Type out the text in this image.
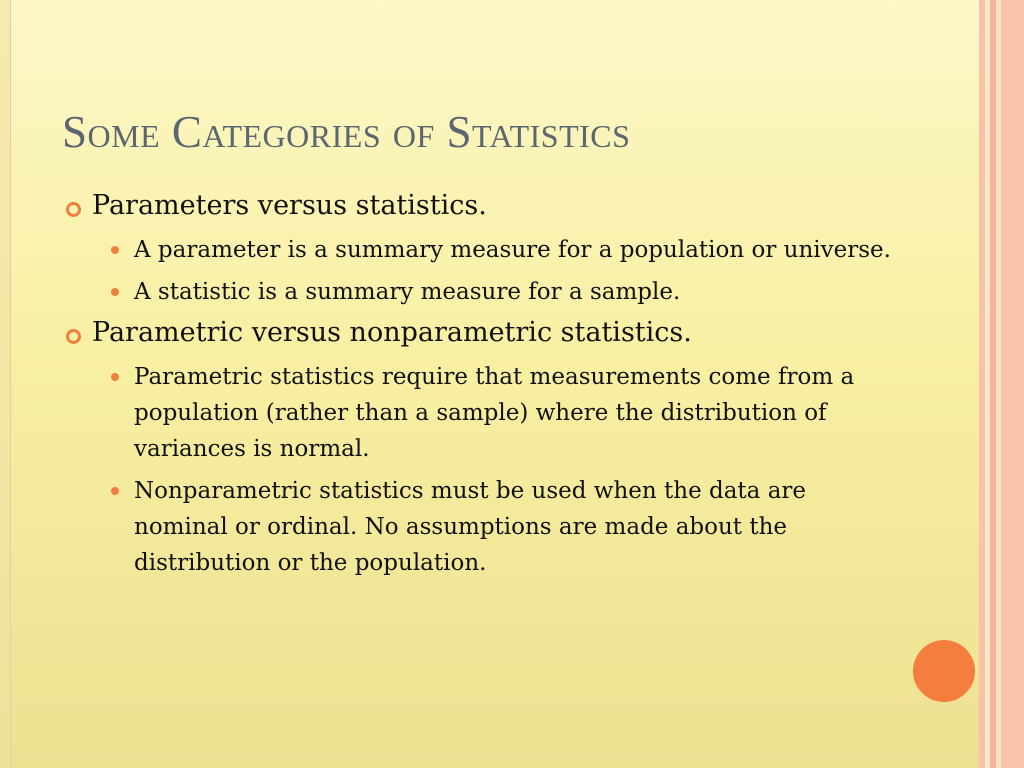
Some Categories of Statistics
Parameters versus statistics.
A parameter is a summary measure for a population or universe.
A statistic is a summary measure for a sample.
Parametric versus nonparametric statistics.
Parametric statistics require that measurements come from a population (rather than a sample) where the distribution of variances is normal.
Nonparametric statistics must be used when the data are nominal or ordinal. No assumptions are made about the distribution or the population.
